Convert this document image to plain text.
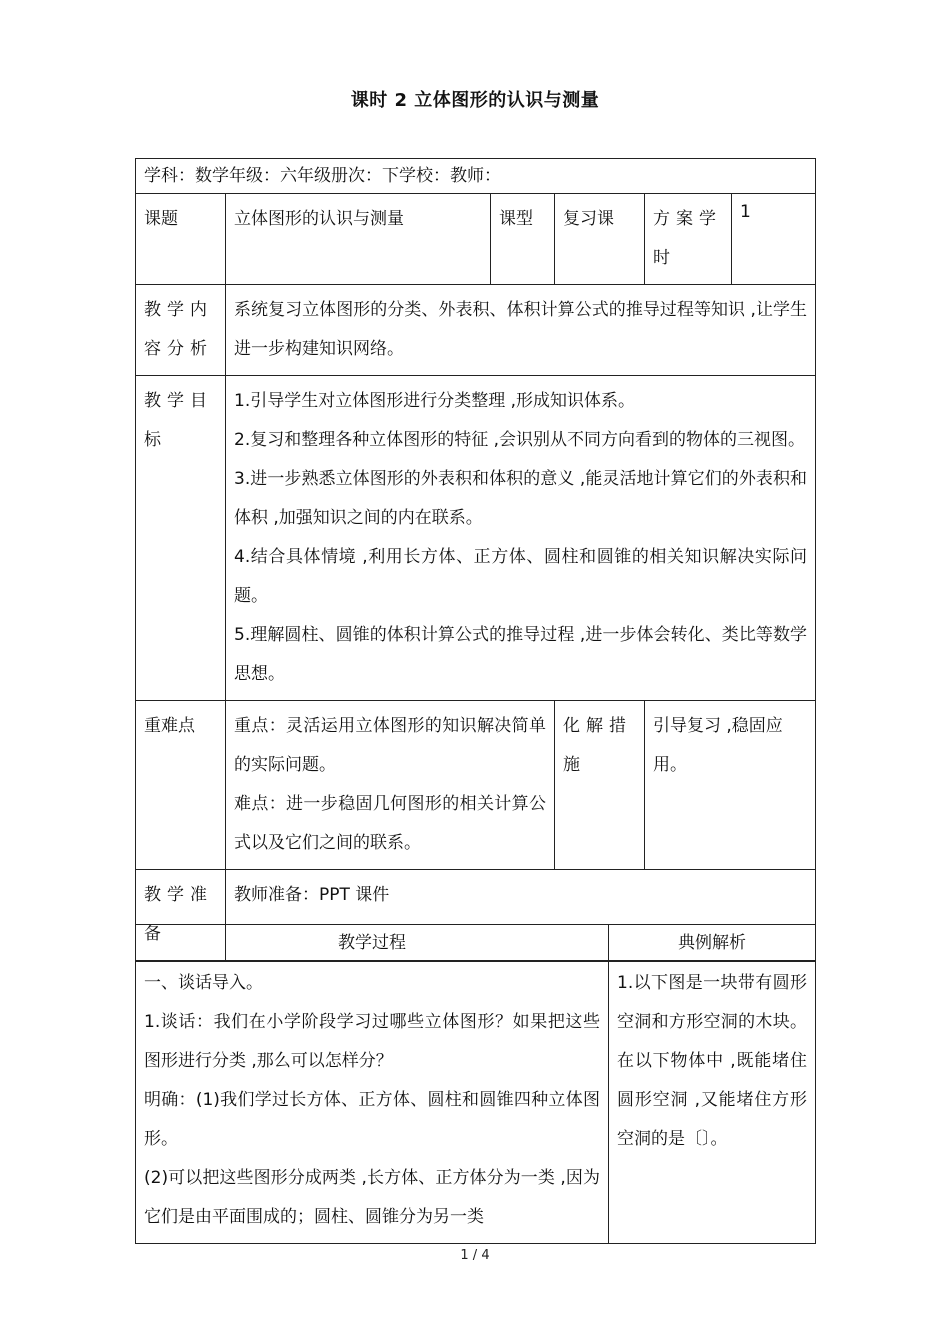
课时 2 立体图形的认识与测量
学科：数学年级：六年级册次：下学校：教师：					
课题	立体图形的认识与测量	课型	复习课	方案学时	1
教学内容分析	系统复习立体图形的分类、外表积、体积计算公式的推导过程等知识 ,让学生进一步构建知识网络。				
教学目标	1.引导学生对立体图形进行分类整理 ,形成知识体系。

2.复习和整理各种立体图形的特征 ,会识别从不同方向看到的物体的三视图。

3.进一步熟悉立体图形的外表积和体积的意义 ,能灵活地计算它们的外表积和体积 ,加强知识之间的内在联系。

4.结合具体情境 ,利用长方体、正方体、圆柱和圆锥的相关知识解决实际问题。

5.理解圆柱、圆锥的体积计算公式的推导过程 ,进一步体会转化、类比等数学思想。				

重难点	重点：灵活运用立体图形的知识解决简单的实际问题。

难点：进一步稳固几何图形的相关计算公式以及它们之间的联系。		化解措施	引导复习 ,稳固应用。	
教学准备	教师准备：PPT 课件				
教学过程	典例解析

一、谈话导入。

1.谈话：我们在小学阶段学习过哪些立体图形？如果把这些图形进行分类 ,那么可以怎样分？

明确：(1)我们学过长方体、正方体、圆柱和圆锥四种立体图形。

(2)可以把这些图形分成两类 ,长方体、正方体分为一类 ,因为它们是由平面围成的；圆柱、圆锥分为另一类	1.以下图是一块带有圆形空洞和方形空洞的木块。在以下物体中 ,既能堵住圆形空洞 ,又能堵住方形空洞的是〔〕。
1 / 4
